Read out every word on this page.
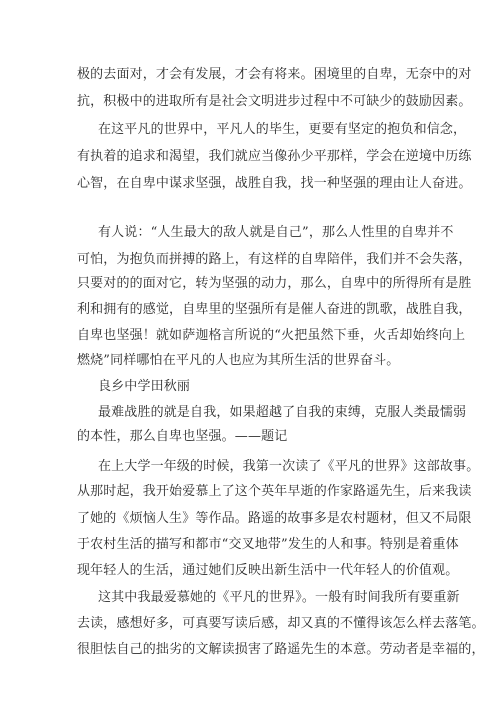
极的去面对，才会有发展，才会有将来。困境里的自卑，无奈中的对
抗，积极中的进取所有是社会文明进步过程中不可缺少的鼓励因素。
在这平凡的世界中，平凡人的毕生，更要有坚定的抱负和信念，
有执着的追求和渴望，我们就应当像孙少平那样，学会在逆境中历练
心智，在自卑中谋求坚强，战胜自我，找一种坚强的理由让人奋进。
有人说：“人生最大的敌人就是自己”，那么人性里的自卑并不
可怕，为抱负而拼搏的路上，有这样的自卑陪伴，我们并不会失落，
只要对的的面对它，转为坚强的动力，那么，自卑中的所得所有是胜
利和拥有的感觉，自卑里的坚强所有是催人奋进的凯歌，战胜自我，
自卑也坚强！就如萨迦格言所说的“火把虽然下垂，火舌却始终向上
燃烧”同样哪怕在平凡的人也应为其所生活的世界奋斗。
良乡中学田秋丽
最难战胜的就是自我，如果超越了自我的束缚，克服人类最懦弱
的本性，那么自卑也坚强。——题记
在上大学一年级的时候，我第一次读了《平凡的世界》这部故事。
从那时起，我开始爱慕上了这个英年早逝的作家路遥先生，后来我读
了她的《烦恼人生》等作品。路遥的故事多是农村题材，但又不局限
于农村生活的描写和都市“交叉地带”发生的人和事。特别是着重体
现年轻人的生活，通过她们反映出新生活中一代年轻人的价值观。
这其中我最爱慕她的《平凡的世界》。一般有时间我所有要重新
去读，感想好多，可真要写读后感，却又真的不懂得该怎么样去落笔。
很胆怯自己的拙劣的文解读损害了路遥先生的本意。劳动者是幸福的，
